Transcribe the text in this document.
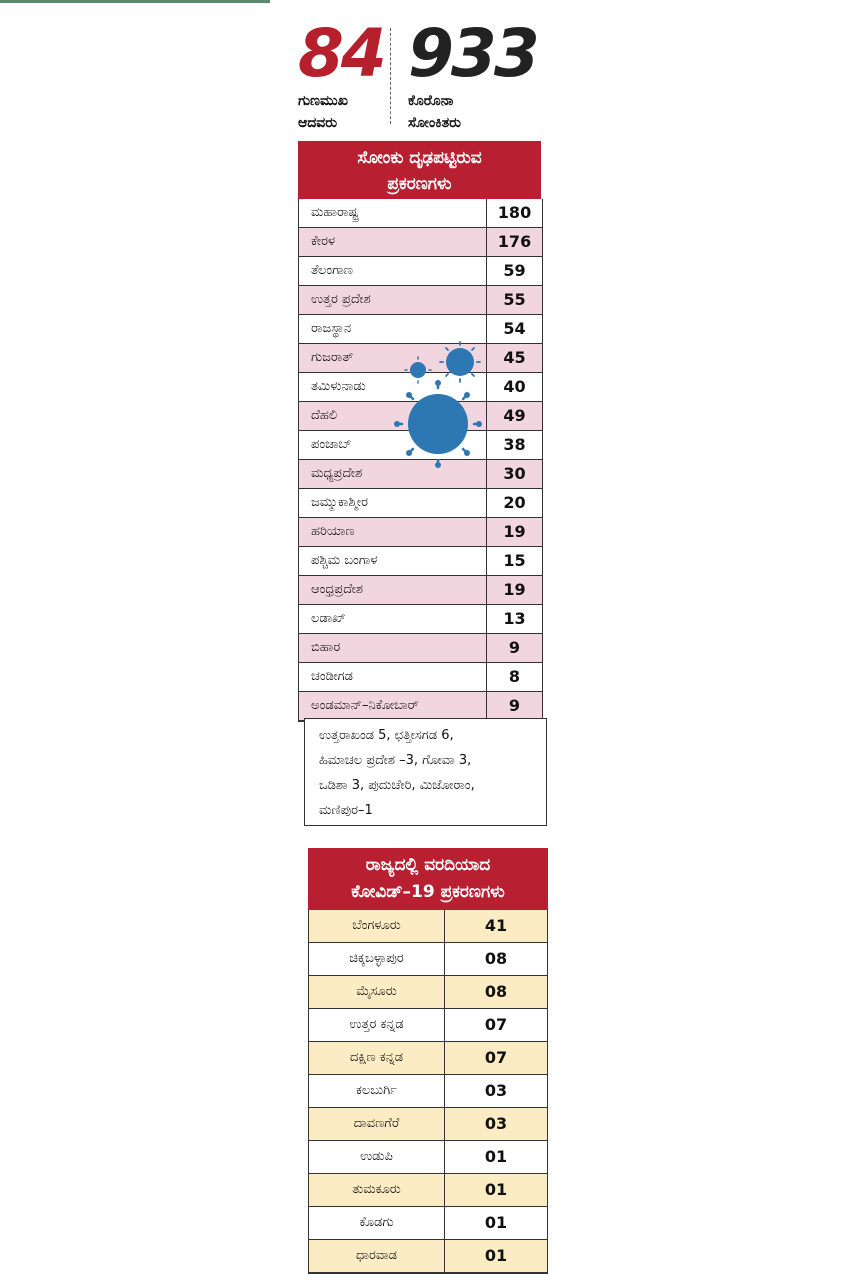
84
ಗುಣಮುಖ
ಆದವರು
933
ಕೊರೊನಾ
ಸೋಂಕಿತರು
ಸೋಂಕು ದೃಢಪಟ್ಟಿರುವ
ಪ್ರಕರಣಗಳು
ಮಹಾರಾಷ್ಟ್ರ	180
ಕೇರಳ	176
ತೆಲಂಗಾಣ	59
ಉತ್ತರ ಪ್ರದೇಶ	55
ರಾಜಸ್ಥಾನ	54
ಗುಜರಾತ್	45
ತಮಿಳುನಾಡು	40
ದೆಹಲಿ	49
ಪಂಜಾಬ್	38
ಮಧ್ಯಪ್ರದೇಶ	30
ಜಮ್ಮುಕಾಶ್ಮೀರ	20
ಹರಿಯಾಣ	19
ಪಶ್ಚಿಮ ಬಂಗಾಳ	15
ಆಂಧ್ರಪ್ರದೇಶ	19
ಲಡಾಖ್	13
ಬಿಹಾರ	9
ಚಂಡೀಗಡ	8
ಅಂಡಮಾನ್–ನಿಕೋಬಾರ್	9
ಉತ್ತರಾಖಂಡ 5, ಛತ್ತೀಸಗಡ 6,
ಹಿಮಾಚಲ ಪ್ರದೇಶ –3, ಗೋವಾ 3,
ಒಡಿಶಾ 3, ಪುದುಚೇರಿ, ಮಿಜೋರಾಂ,
ಮಣಿಪುರ–1
ರಾಜ್ಯದಲ್ಲಿ ವರದಿಯಾದ
ಕೋವಿಡ್–19 ಪ್ರಕರಣಗಳು
ಬೆಂಗಳೂರು	41
ಚಿಕ್ಕಬಳ್ಳಾಪುರ	08
ಮೈಸೂರು	08
ಉತ್ತರ ಕನ್ನಡ	07
ದಕ್ಷಿಣ ಕನ್ನಡ	07
ಕಲಬುರ್ಗಿ	03
ದಾವಣಗೆರೆ	03
ಉಡುಪಿ	01
ತುಮಕೂರು	01
ಕೊಡಗು	01
ಧಾರವಾಡ	01
